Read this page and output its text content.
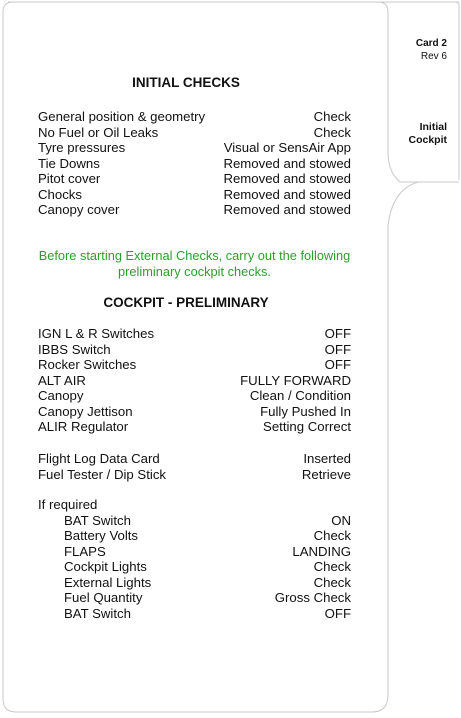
Card 2
Rev 6
Initial
Cockpit
INITIAL CHECKS
General position & geometry	Check
No Fuel or Oil Leaks	Check
Tyre pressures	Visual or SensAir App
Tie Downs	Removed and stowed
Pitot cover	Removed and stowed
Chocks	Removed and stowed
Canopy cover	Removed and stowed
Before starting External Checks, carry out the following preliminary cockpit checks.
COCKPIT - PRELIMINARY
IGN L & R Switches	OFF
IBBS Switch	OFF
Rocker Switches	OFF
ALT AIR	FULLY FORWARD
Canopy	Clean / Condition
Canopy Jettison	Fully Pushed In
ALIR Regulator	Setting Correct
Flight Log Data Card	Inserted
Fuel Tester / Dip Stick	Retrieve
If required
BAT Switch	ON
Battery Volts	Check
FLAPS	LANDING
Cockpit Lights	Check
External Lights	Check
Fuel Quantity	Gross Check
BAT Switch	OFF
